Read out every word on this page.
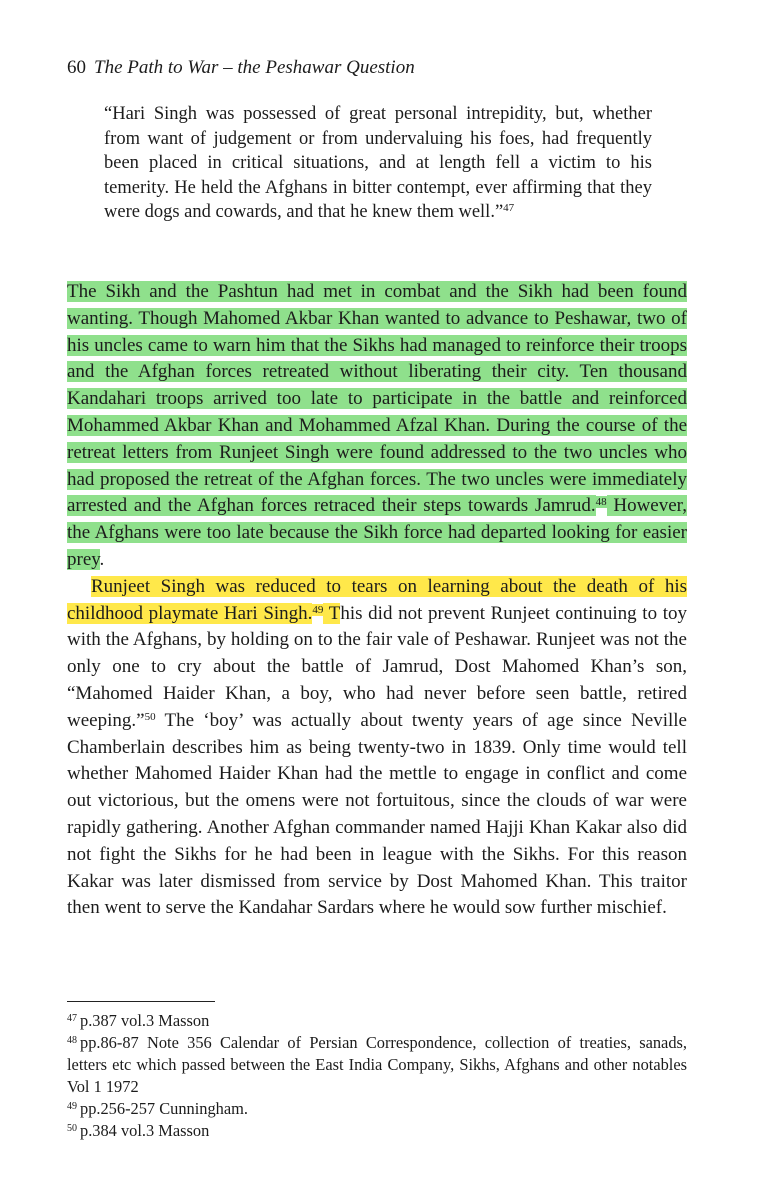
60 The Path to War – the Peshawar Question
“Hari Singh was possessed of great personal intrepidity, but, whether from want of judgement or from undervaluing his foes, had frequently been placed in critical situations, and at length fell a victim to his temerity. He held the Afghans in bitter contempt, ever affirming that they were dogs and cowards, and that he knew them well.”$^{47}$

The Sikh and the Pashtun had met in combat and the Sikh had been found wanting. Though Mahomed Akbar Khan wanted to advance to Peshawar, two of his uncles came to warn him that the Sikhs had managed to reinforce their troops and the Afghan forces retreated without liberating their city. Ten thousand Kandahari troops arrived too late to participate in the battle and reinforced Mohammed Akbar Khan and Mohammed Afzal Khan. During the course of the retreat letters from Runjeet Singh were found addressed to the two uncles who had proposed the retreat of the Afghan forces. The two uncles were immediately arrested and the Afghan forces retraced their steps towards Jamrud.$^{48}$ However, the Afghans were too late because the Sikh force had departed looking for easier prey.

Runjeet Singh was reduced to tears on learning about the death of his childhood playmate Hari Singh.$^{49}$ This did not prevent Runjeet continuing to toy with the Afghans, by holding on to the fair vale of Peshawar. Runjeet was not the only one to cry about the battle of Jamrud, Dost Mahomed Khan’s son, “Mahomed Haider Khan, a boy, who had never before seen battle, retired weeping.”$^{50}$ The ‘boy’ was actually about twenty years of age since Neville Chamberlain describes him as being twenty-two in 1839. Only time would tell whether Mahomed Haider Khan had the mettle to engage in conflict and come out victorious, but the omens were not fortuitous, since the clouds of war were rapidly gathering. Another Afghan commander named Hajji Khan Kakar also did not fight the Sikhs for he had been in league with the Sikhs. For this reason Kakar was later dismissed from service by Dost Mahomed Khan. This traitor then went to serve the Kandahar Sardars where he would sow further mischief.

$^{47}$ p.387 vol.3 Masson

$^{48}$ pp.86-87 Note 356 Calendar of Persian Correspondence, collection of treaties, sanads, letters etc which passed between the East India Company, Sikhs, Afghans and other notables Vol 1 1972

$^{49}$ pp.256-257 Cunningham.

$^{50}$ p.384 vol.3 Masson
